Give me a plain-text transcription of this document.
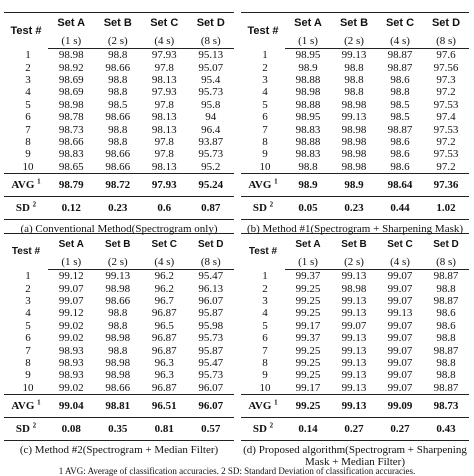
Test #	Set A	Set B	Set C	Set D
	(1 s)	(2 s)	(4 s)	(8 s)
1	98.98	98.8	97.93	95.13
2	98.92	98.66	97.8	95.07
3	98.69	98.8	98.13	95.4
4	98.69	98.8	97.93	95.73
5	98.98	98.5	97.8	95.8
6	98.78	98.66	98.13	94
7	98.73	98.8	98.13	96.4
8	98.66	98.8	97.8	93.87
9	98.83	98.66	97.8	95.73
10	98.65	98.66	98.13	95.2
AVG $^1$	98.79	98.72	97.93	95.24
SD $^2$	0.12	0.23	0.6	0.87
(a) Conventional Method(Spectrogram only)
Test #	Set A	Set B	Set C	Set D
	(1 s)	(2 s)	(4 s)	(8 s)
1	98.95	99.13	98.87	97.6
2	98.9	98.8	98.87	97.56
3	98.88	98.8	98.6	97.3
4	98.98	98.8	98.8	97.2
5	98.88	98.98	98.5	97.53
6	98.95	99.13	98.5	97.4
7	98.83	98.98	98.87	97.53
8	98.88	98.98	98.6	97.2
9	98.83	98.98	98.6	97.53
10	98.8	98.98	98.6	97.2
AVG $^1$	98.9	98.9	98.64	97.36
SD $^2$	0.05	0.23	0.44	1.02
(b) Method #1(Spectrogram + Sharpening Mask)
Test #	Set A	Set B	Set C	Set D
	(1 s)	(2 s)	(4 s)	(8 s)
1	99.12	99.13	96.2	95.47
2	99.07	98.98	96.2	96.13
3	99.07	98.66	96.7	96.07
4	99.12	98.8	96.87	95.87
5	99.02	98.8	96.5	95.98
6	99.02	98.98	96.87	95.73
7	98.93	98.8	96.87	95.87
8	98.93	98.98	96.3	95.47
9	98.93	98.98	96.3	95.73
10	99.02	98.66	96.87	96.07
AVG $^1$	99.04	98.81	96.51	96.07
SD $^2$	0.08	0.35	0.81	0.57
(c) Method #2(Spectrogram + Median Filter)
Test #	Set A	Set B	Set C	Set D
	(1 s)	(2 s)	(4 s)	(8 s)
1	99.37	99.13	99.07	98.87
2	99.25	98.98	99.07	98.8
3	99.25	99.13	99.07	98.87
4	99.25	99.13	99.13	98.6
5	99.17	99.07	99.07	98.6
6	99.37	99.13	99.07	98.8
7	99.25	99.13	99.07	98.87
8	99.25	99.13	99.07	98.8
9	99.25	99.13	99.07	98.8
10	99.17	99.13	99.07	98.87
AVG $^1$	99.25	99.13	99.09	98.73
SD $^2$	0.14	0.27	0.27	0.43
(d) Proposed algorithm(Spectrogram + Sharpening
Mask + Median Filter)
1 AVG: Average of classification accuracies. 2 SD: Standard Deviation of classification accuracies.
